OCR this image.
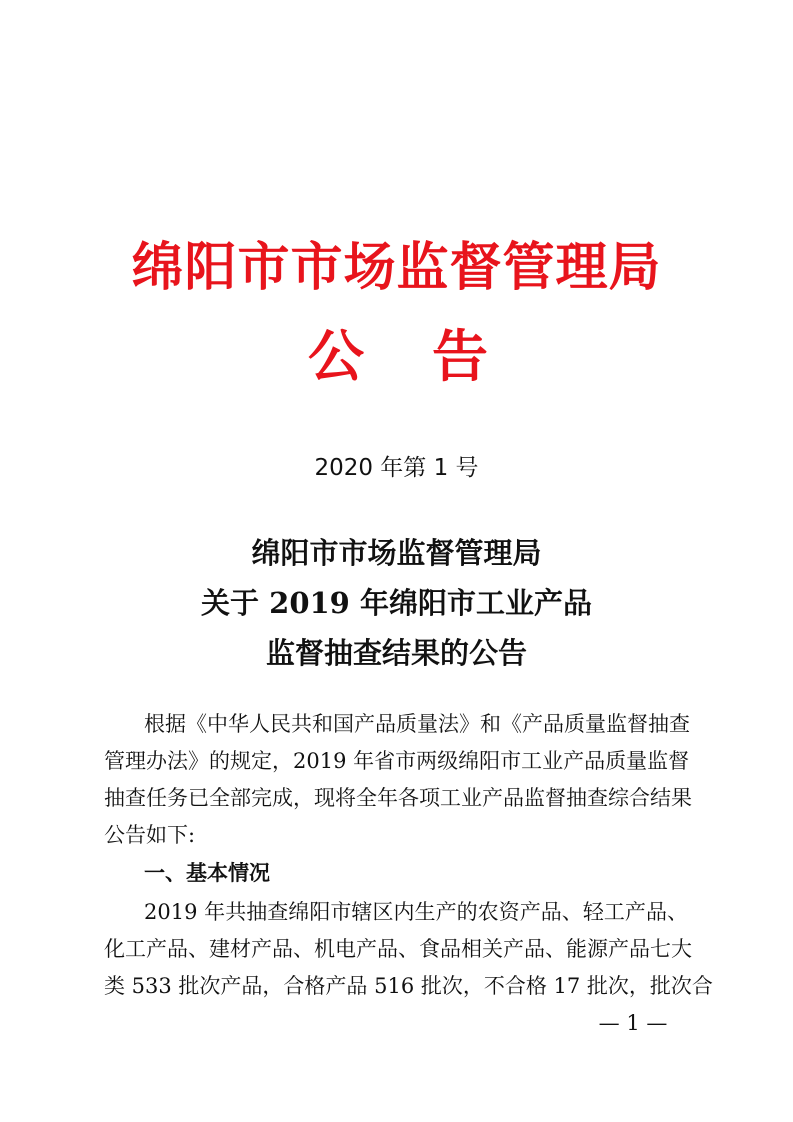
绵阳市市场监督管理局
公 告
2020 年第 1 号
绵阳市市场监督管理局
关于 2019 年绵阳市工业产品
监督抽查结果的公告
根据《中华人民共和国产品质量法》和《产品质量监督抽查
管理办法》的规定，2019 年省市两级绵阳市工业产品质量监督
抽查任务已全部完成，现将全年各项工业产品监督抽查综合结果
公告如下:
一、基本情况
2019 年共抽查绵阳市辖区内生产的农资产品、轻工产品、
化工产品、建材产品、机电产品、食品相关产品、能源产品七大
类 533 批次产品，合格产品 516 批次，不合格 17 批次，批次合
— 1 —
